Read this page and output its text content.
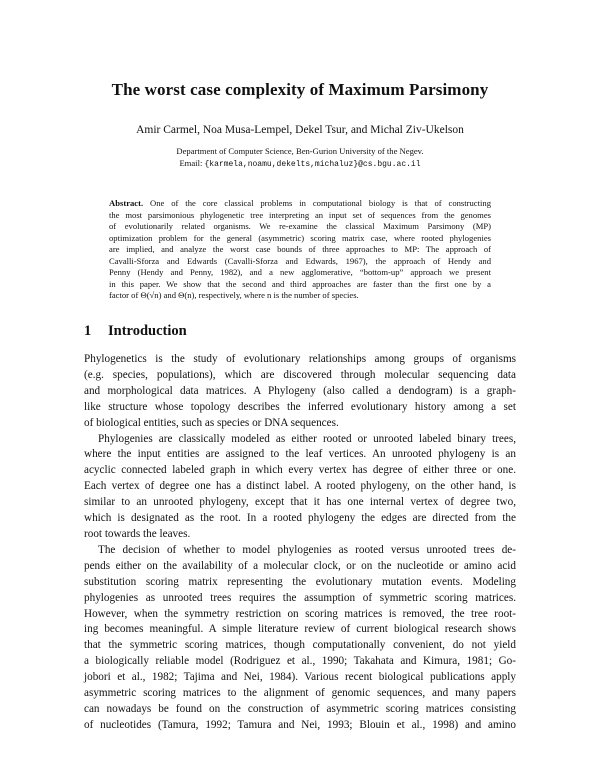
The worst case complexity of Maximum Parsimony
Amir Carmel, Noa Musa-Lempel, Dekel Tsur, and Michal Ziv-Ukelson
Department of Computer Science, Ben-Gurion University of the Negev.
Email: {karmela,noamu,dekelts,michaluz}@cs.bgu.ac.il
Abstract. One of the core classical problems in computational biology is that of constructing
the most parsimonious phylogenetic tree interpreting an input set of sequences from the genomes
of evolutionarily related organisms. We re-examine the classical Maximum Parsimony (MP)
optimization problem for the general (asymmetric) scoring matrix case, where rooted phylogenies
are implied, and analyze the worst case bounds of three approaches to MP: The approach of
Cavalli-Sforza and Edwards (Cavalli-Sforza and Edwards, 1967), the approach of Hendy and
Penny (Hendy and Penny, 1982), and a new agglomerative, “bottom-up” approach we present
in this paper. We show that the second and third approaches are faster than the first one by a
factor of Θ(√n) and Θ(n), respectively, where n is the number of species.
1 Introduction
Phylogenetics is the study of evolutionary relationships among groups of organisms
(e.g. species, populations), which are discovered through molecular sequencing data
and morphological data matrices. A Phylogeny (also called a dendogram) is a graph-
like structure whose topology describes the inferred evolutionary history among a set
of biological entities, such as species or DNA sequences.
Phylogenies are classically modeled as either rooted or unrooted labeled binary trees,
where the input entities are assigned to the leaf vertices. An unrooted phylogeny is an
acyclic connected labeled graph in which every vertex has degree of either three or one.
Each vertex of degree one has a distinct label. A rooted phylogeny, on the other hand, is
similar to an unrooted phylogeny, except that it has one internal vertex of degree two,
which is designated as the root. In a rooted phylogeny the edges are directed from the
root towards the leaves.
The decision of whether to model phylogenies as rooted versus unrooted trees de-
pends either on the availability of a molecular clock, or on the nucleotide or amino acid
substitution scoring matrix representing the evolutionary mutation events. Modeling
phylogenies as unrooted trees requires the assumption of symmetric scoring matrices.
However, when the symmetry restriction on scoring matrices is removed, the tree root-
ing becomes meaningful. A simple literature review of current biological research shows
that the symmetric scoring matrices, though computationally convenient, do not yield
a biologically reliable model (Rodriguez et al., 1990; Takahata and Kimura, 1981; Go-
jobori et al., 1982; Tajima and Nei, 1984). Various recent biological publications apply
asymmetric scoring matrices to the alignment of genomic sequences, and many papers
can nowadays be found on the construction of asymmetric scoring matrices consisting
of nucleotides (Tamura, 1992; Tamura and Nei, 1993; Blouin et al., 1998) and amino
